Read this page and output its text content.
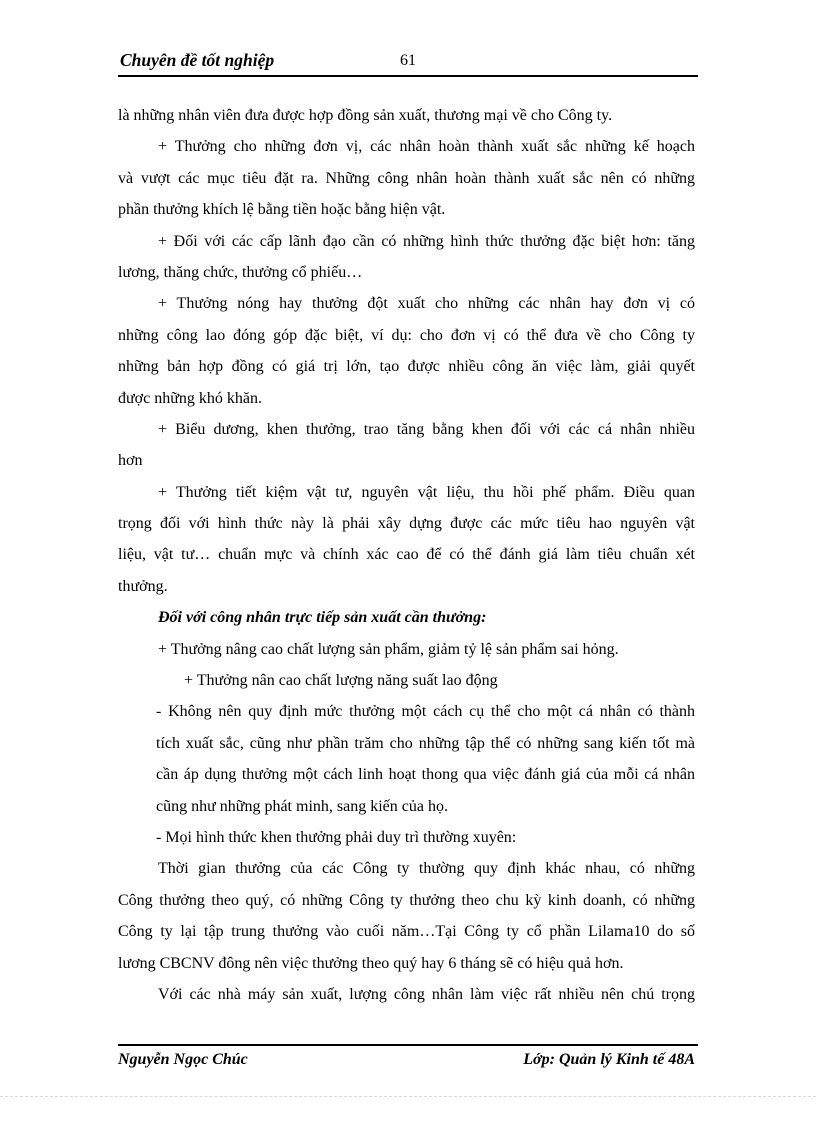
Chuyên đề tốt nghiệp	61
là những nhân viên đưa được hợp đồng sản xuất, thương mại về cho Công ty.
+ Thưởng cho những đơn vị, các nhân hoàn thành xuất sắc những kế hoạch
và vượt các mục tiêu đặt ra. Những công nhân hoàn thành xuất sắc nên có những
phần thưởng khích lệ bằng tiền hoặc bằng hiện vật.
+ Đối với các cấp lãnh đạo cần có những hình thức thưởng đặc biệt hơn: tăng
lương, thăng chức, thưởng cổ phiếu…
+ Thưởng nóng hay thưởng đột xuất cho những các nhân hay đơn vị có
những công lao đóng góp đặc biệt, ví dụ: cho đơn vị có thể đưa về cho Công ty
những bản hợp đồng có giá trị lớn, tạo được nhiều công ăn việc làm, giải quyết
được những khó khăn.
+ Biểu dương, khen thưởng, trao tăng bằng khen đối với các cá nhân nhiều
hơn
+ Thưởng tiết kiệm vật tư, nguyên vật liệu, thu hồi phế phẩm. Điều quan
trọng đối với hình thức này là phải xây dựng được các mức tiêu hao nguyên vật
liệu, vật tư… chuẩn mực và chính xác cao để có thể đánh giá làm tiêu chuẩn xét
thưởng.
Đối với công nhân trực tiếp sản xuất cần thưởng:
+ Thưởng nâng cao chất lượng sản phẩm, giảm tỷ lệ sản phẩm sai hỏng.
+ Thưởng nân cao chất lượng năng suất lao động
- Không nên quy định mức thưởng một cách cụ thể cho một cá nhân có thành
tích xuất sắc, cũng như phần trăm cho những tập thể có những sang kiến tốt mà
cần áp dụng thưởng một cách linh hoạt thong qua việc đánh giá của mỗi cá nhân
cũng như những phát minh, sang kiến của họ.
- Mọi hình thức khen thưởng phải duy trì thường xuyên:
Thời gian thưởng của các Công ty thường quy định khác nhau, có những
Công thưởng theo quý, có những Công ty thưởng theo chu kỳ kinh doanh, có những
Công ty lại tập trung thưởng vào cuối năm…Tại Công ty cổ phần Lilama10 do số
lương CBCNV đông nên việc thưởng theo quý hay 6 tháng sẽ có hiệu quả hơn.
Với các nhà máy sản xuất, lượng công nhân làm việc rất nhiều nên chú trọng
Nguyễn Ngọc Chúc	Lớp: Quản lý Kinh tế 48A
